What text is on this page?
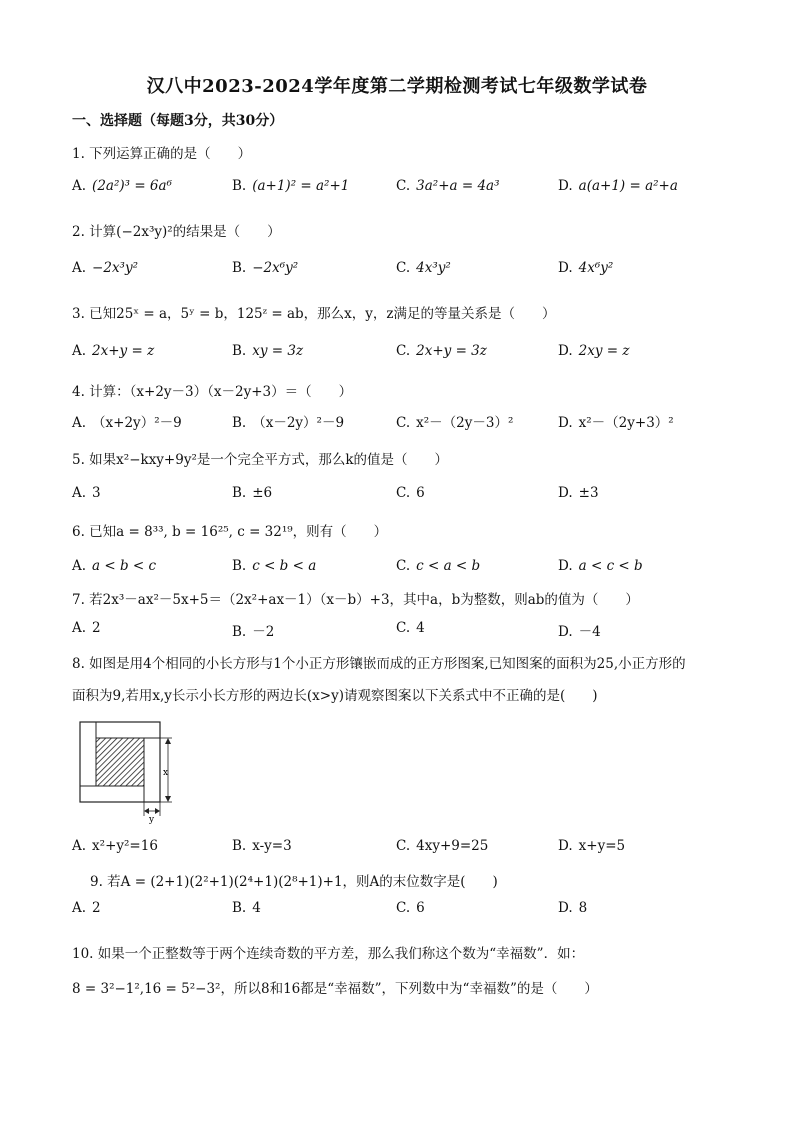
汉八中2023-2024学年度第二学期检测考试七年级数学试卷
一、选择题（每题3分，共30分）
1. 下列运算正确的是（　　）
A. (2a²)³ = 6a⁶	B. (a+1)² = a²+1	C. 3a²+a = 4a³	D. a(a+1) = a²+a
2. 计算(−2x³y)²的结果是（　　）
A. −2x³y²	B. −2x⁶y²	C. 4x³y²	D. 4x⁶y²
3. 已知25ˣ = a，5ʸ = b，125ᶻ = ab，那么x，y，z满足的等量关系是（　　）
A. 2x+y = z	B. xy = 3z	C. 2x+y = 3z	D. 2xy = z
4. 计算：（x+2y－3）（x－2y+3）＝（　　）
A. （x+2y）²－9	B. （x－2y）²－9	C. x²－（2y－3）²	D. x²－（2y+3）²
5. 如果x²−kxy+9y²是一个完全平方式，那么k的值是（　　）
A. 3	B. ±6	C. 6	D. ±3
6. 已知a = 8³³, b = 16²⁵, c = 32¹⁹，则有（　　）
A. a < b < c	B. c < b < a	C. c < a < b	D. a < c < b
7. 若2x³－ax²－5x+5＝（2x²+ax－1）（x－b）+3，其中a，b为整数，则ab的值为（　　）
A. 2	B. －2	C. 4	D. －4
8. 如图是用4个相同的小长方形与1个小正方形镶嵌而成的正方形图案,已知图案的面积为25,小正方形的
面积为9,若用x,y长示小长方形的两边长(x>y)请观察图案以下关系式中不正确的是(　　)
x
y
A. x²+y²=16	B. x-y=3	C. 4xy+9=25	D. x+y=5
9. 若A = (2+1)(2²+1)(2⁴+1)(2⁸+1)+1，则A的末位数字是(　　)
A. 2	B. 4	C. 6	D. 8
10. 如果一个正整数等于两个连续奇数的平方差，那么我们称这个数为“幸福数”．如：
8 = 3²−1²,16 = 5²−3²，所以8和16都是“幸福数”，下列数中为“幸福数”的是（　　）
